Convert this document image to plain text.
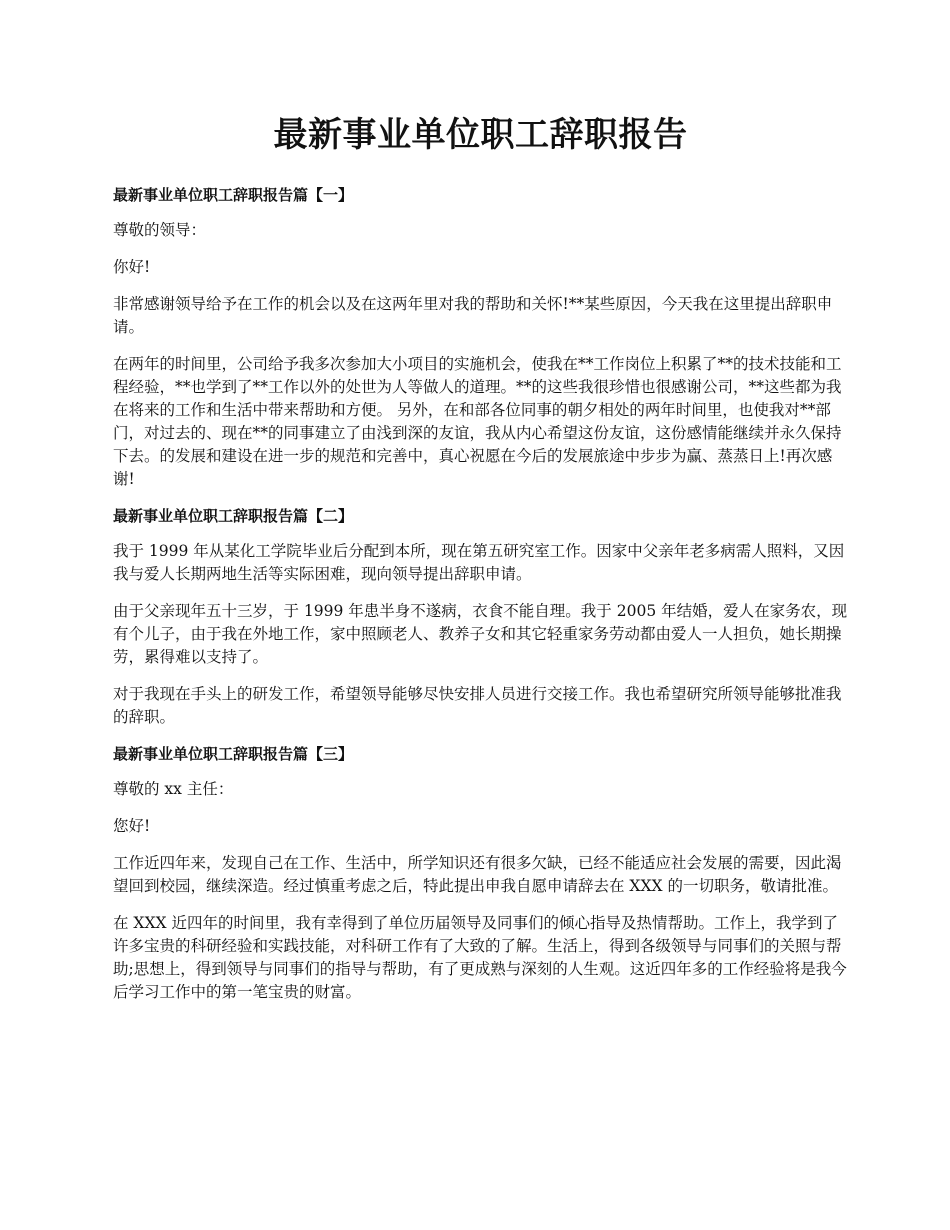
最新事业单位职工辞职报告
最新事业单位职工辞职报告篇【一】

尊敬的领导：

你好!

非常感谢领导给予在工作的机会以及在这两年里对我的帮助和关怀!**某些原因，今天我在这里提出辞职申请。

在两年的时间里，公司给予我多次参加大小项目的实施机会，使我在**工作岗位上积累了**的技术技能和工程经验，**也学到了**工作以外的处世为人等做人的道理。**的这些我很珍惜也很感谢公司，**这些都为我在将来的工作和生活中带来帮助和方便。 另外，在和部各位同事的朝夕相处的两年时间里，也使我对**部门，对过去的、现在**的同事建立了由浅到深的友谊，我从内心希望这份友谊，这份感情能继续并永久保持下去。的发展和建设在进一步的规范和完善中，真心祝愿在今后的发展旅途中步步为赢、蒸蒸日上!再次感谢!

最新事业单位职工辞职报告篇【二】

我于 1999 年从某化工学院毕业后分配到本所，现在第五研究室工作。因家中父亲年老多病需人照料，又因我与爱人长期两地生活等实际困难，现向领导提出辞职申请。

由于父亲现年五十三岁，于 1999 年患半身不遂病，衣食不能自理。我于 2005 年结婚，爱人在家务农，现有个儿子，由于我在外地工作，家中照顾老人、教养子女和其它轻重家务劳动都由爱人一人担负，她长期操劳，累得难以支持了。

对于我现在手头上的研发工作，希望领导能够尽快安排人员进行交接工作。我也希望研究所领导能够批准我的辞职。

最新事业单位职工辞职报告篇【三】

尊敬的 xx 主任：

您好!

工作近四年来，发现自己在工作、生活中，所学知识还有很多欠缺，已经不能适应社会发展的需要，因此渴望回到校园，继续深造。经过慎重考虑之后，特此提出申我自愿申请辞去在 XXX 的一切职务，敬请批准。

在 XXX 近四年的时间里，我有幸得到了单位历届领导及同事们的倾心指导及热情帮助。工作上，我学到了许多宝贵的科研经验和实践技能，对科研工作有了大致的了解。生活上，得到各级领导与同事们的关照与帮助;思想上，得到领导与同事们的指导与帮助，有了更成熟与深刻的人生观。这近四年多的工作经验将是我今后学习工作中的第一笔宝贵的财富。
